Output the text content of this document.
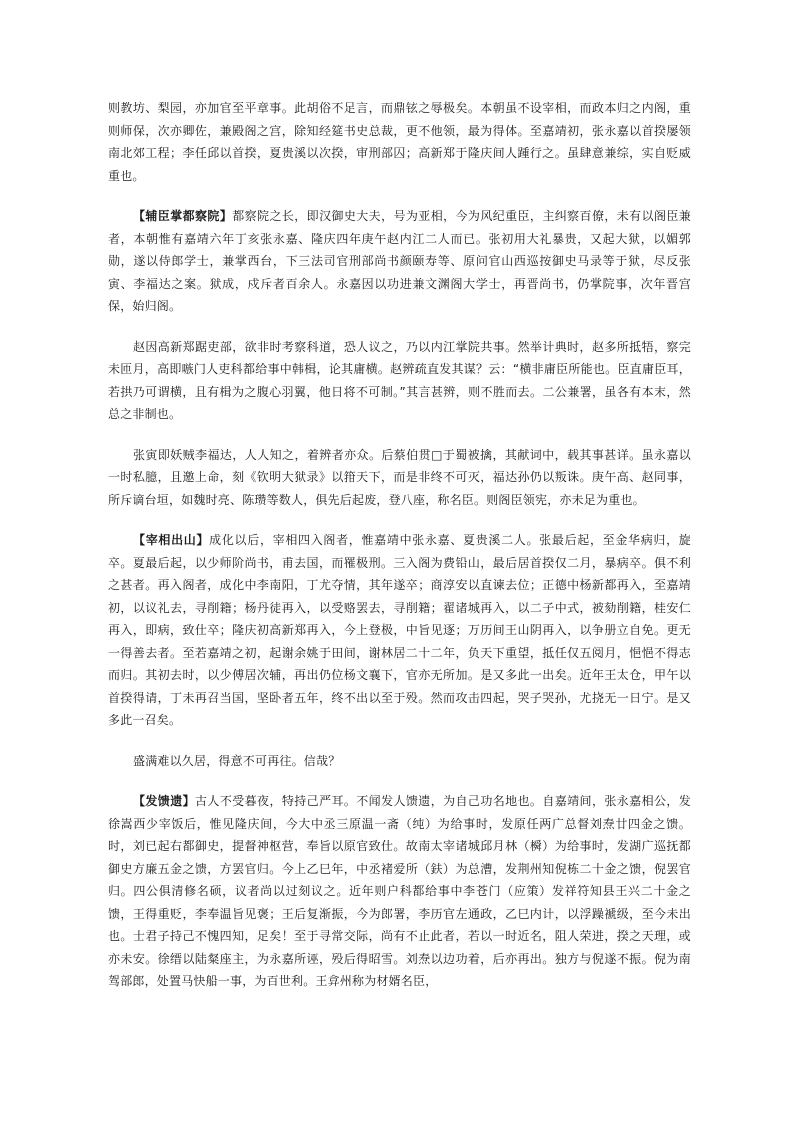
则教坊、梨园，亦加官至平章事。此胡俗不足言，而鼎铉之辱极矣。本朝虽不设宰相，而政本归之内阁，重则师保，次亦卿佐，兼殿阁之宫，除知经筵书史总裁，更不他领，最为得体。至嘉靖初，张永嘉以首揆屡领南北郊工程；李任邱以首揆，夏贵溪以次揆，审刑部囚；高新郑于隆庆间人踵行之。虽肆意兼综，实自贬威重也。

【辅臣掌都察院】都察院之长，即汉御史大夫，号为亚相，今为风纪重臣，主纠察百僚，未有以阁臣兼者，本朝惟有嘉靖六年丁亥张永嘉、隆庆四年庚午赵内江二人而已。张初用大礼暴贵，又起大狱，以媚郭勋，遂以侍郎学士，兼掌西台，下三法司官刑部尚书颜颐寿等、原问官山西巡按御史马录等于狱，尽反张寅、李福达之案。狱成，戍斥者百余人。永嘉因以功进兼文渊阁大学士，再晋尚书，仍掌院事，次年晋宫保，始归阁。

赵因高新郑踞吏部，欲非时考察科道，恐人议之，乃以内江掌院共事。然举计典时，赵多所抵牾，察完未匝月，高即嗾门人吏科都给事中韩楫，论其庸横。赵辨疏直发其谋？云：“横非庸臣所能也。臣直庸臣耳，若拱乃可谓横，且有楫为之腹心羽翼，他日将不可制。”其言甚辨，则不胜而去。二公兼署，虽各有本末，然总之非制也。

张寅即妖贼李福达，人人知之，着辨者亦众。后蔡伯贯□于蜀被擒，其献词中，载其事甚详。虽永嘉以一时私臆，且邀上命，刻《钦明大狱录》以箝天下，而是非终不可灭，福达孙仍以叛诛。庚午高、赵同事，所斥谪台垣，如魏时亮、陈瓒等数人，俱先后起废，登八座，称名臣。则阁臣领宪，亦未足为重也。

【宰相出山】成化以后，宰相四入阁者，惟嘉靖中张永嘉、夏贵溪二人。张最后起，至金华病归，旋卒。夏最后起，以少师阶尚书，甫去国，而罹极刑。三入阁为费铅山，最后居首揆仅二月，暴病卒。俱不利之甚者。再入阁者，成化中李南阳，丁尤夺情，其年遂卒；商淳安以直谏去位；正德中杨新都再入，至嘉靖初，以议礼去，寻削籍；杨丹徒再入，以受赂罢去，寻削籍；翟诸城再入，以二子中式，被劾削籍，桂安仁再入，即病，致仕卒；隆庆初高新郑再入，今上登极，中旨见逐；万历间王山阴再入，以争册立自免。更无一得善去者。至若嘉靖之初，起谢余姚于田间，谢林居二十二年，负天下重望，抵任仅五阅月，悒悒不得志而归。其初去时，以少傅居次辅，再出仍位杨文襄下，官亦无所加。是又多此一出矣。近年王太仓，甲午以首揆得请，丁未再召当国，坚卧者五年，终不出以至于殁。然而攻击四起，哭子哭孙，尤挠无一日宁。是又多此一召矣。

盛满难以久居，得意不可再往。信哉？

【发馈遗】古人不受暮夜，特持己严耳。不闻发人馈遗，为自己功名地也。自嘉靖间，张永嘉相公，发徐嵩西少宰饭后，惟见隆庆间，今大中丞三原温一斋（纯）为给事时，发原任两广总督刘焘廿四金之馈。时，刘已起右都御史，提督神枢营，奉旨以原官致仕。故南太宰诸城邱月林（橓）为给事时，发湖广巡抚都御史方廉五金之馈，方罢官归。今上乙巳年，中丞褚爱所（鈇）为总漕，发荆州知倪栋二十金之馈，倪罢官归。四公俱清修名硕，议者尚以过刻议之。近年则户科都给事中李苍门（应策）发祥符知县王兴二十金之馈，王得重贬，李奉温旨见褒；王后复渐振，今为郎署，李历官左通政，乙巳内计，以浮躁褫级，至今未出也。士君子持己不愧四知，足矣！至于寻常交际，尚有不止此者，若以一时近名，阻人荣进，揆之天理，或亦未安。徐缙以陆粲座主，为永嘉所诬，殁后得昭雪。刘焘以边功着，后亦再出。独方与倪遂不振。倪为南驾部郎，处置马快船一事，为百世利。王弇州称为材婿名臣，
